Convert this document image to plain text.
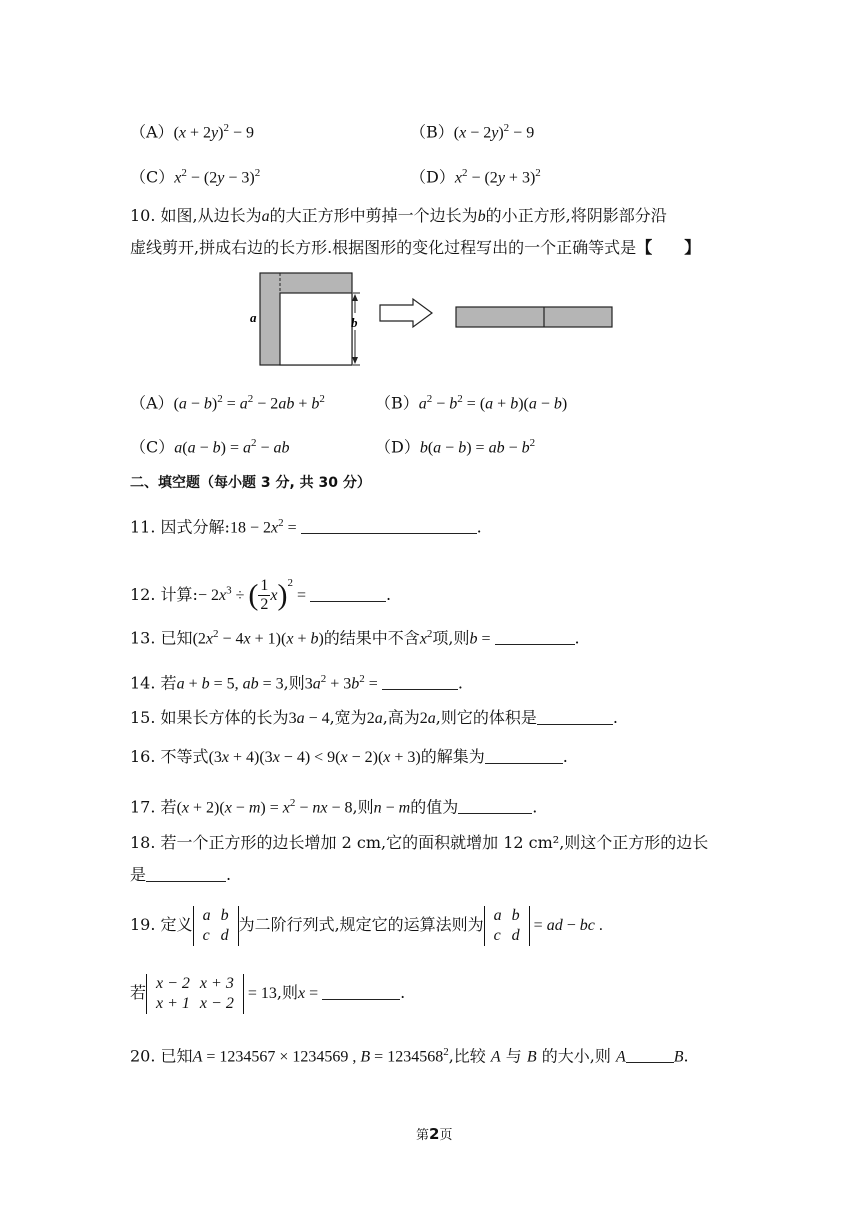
$(A)(x + 2y)^2 - 9$	$(B)(x - 2y)^2 - 9$
$(C)x^2 - (2y - 3)^2$	$(D)x^2 - (2y + 3)^2$
10. 如图,从边长为a的大正方形中剪掉一个边长为b的小正方形,将阴影部分沿
虚线剪开,拼成右边的长方形.根据图形的变化过程写出的一个正确等式是【　　】
b
a
$(A)(a - b)^2 = a^2 - 2ab + b^2$	$(B)a^2 - b^2 = (a + b)(a - b)$
$(C)a(a - b) = a^2$ − ab	（D）b(a − b) = ab − $b^2$
二、填空题（每小题 3 分, 共 30 分）
11. 因式分解:18 − $2x^2$ =	.
12. 计算:− $2x^3$ ÷ ( $\frac{1}{2} x)^2$ =	.
13. 已知$(2x^2 - 4x + 1)(x + b)$的结果中不含$x^2$项,则b =	.
14. 若a + b = 5, ab = 3,则$3a^2 + 3b^2$ =	.
15. 如果长方体的长为3a − 4,宽为2a,高为2a,则它的体积是	.
16. 不等式(3x + 4)(3x − 4) < 9(x − 2)(x + 3)的解集为	.
17. 若$(x + 2)(x - m) = x^2$ − nx − 8,则n − m的值为	.
18. 若一个正方形的边长增加 2 cm,它的面积就增加 12 cm²,则这个正方形的边长
是	.
19. 定义 a	b
c	d
为二阶行列式,规定它的运算法则为 a	b
c	d
= ad − bc .
若 x − 2	x + 3
x + 1	x − 2
= 13,则x =	.
20. 已知A = 1234567 × 1234569 , $B = 1234568^2$,比较 A 与 B 的大小,则 A	B.
第2页
